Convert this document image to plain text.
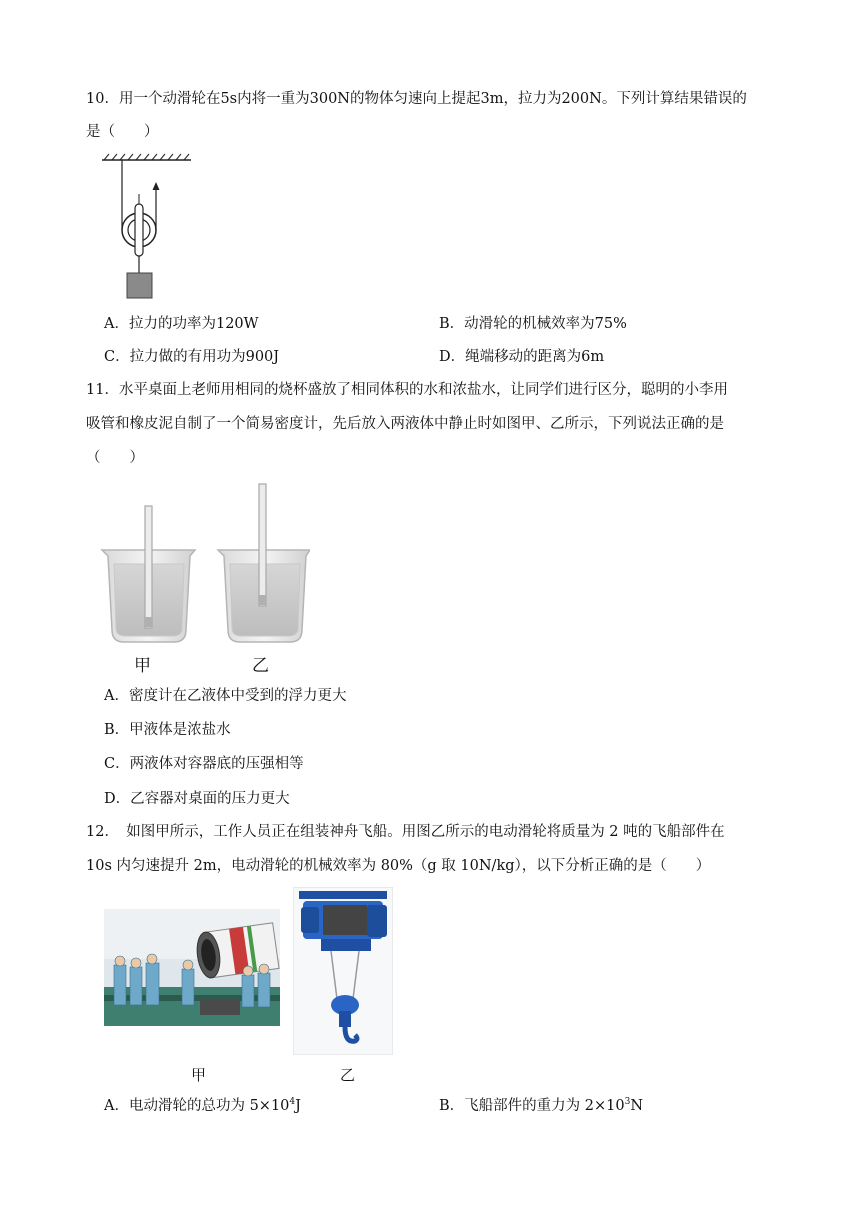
10．用一个动滑轮在5s内将一重为300N的物体匀速向上提起3m，拉力为200N。下列计算结果错误的
是（　　）
A．拉力的功率为120W	B．动滑轮的机械效率为75%
C．拉力做的有用功为900J	D．绳端移动的距离为6m
11．水平桌面上老师用相同的烧杯盛放了相同体积的水和浓盐水，让同学们进行区分，聪明的小李用
吸管和橡皮泥自制了一个简易密度计，先后放入两液体中静止时如图甲、乙所示，下列说法正确的是
（　　）
甲	乙
A．密度计在乙液体中受到的浮力更大
B．甲液体是浓盐水
C．两液体对容器底的压强相等
D．乙容器对桌面的压力更大
12．　如图甲所示，工作人员正在组装神舟飞船。用图乙所示的电动滑轮将质量为 2 吨的飞船部件在
10s 内匀速提升 2m，电动滑轮的机械效率为 80%（g 取 10N/kg），以下分析正确的是（　　）
甲	乙
A．电动滑轮的总功为 $5\times 10^4J$	B．飞船部件的重力为 $2\times 10^3N$
